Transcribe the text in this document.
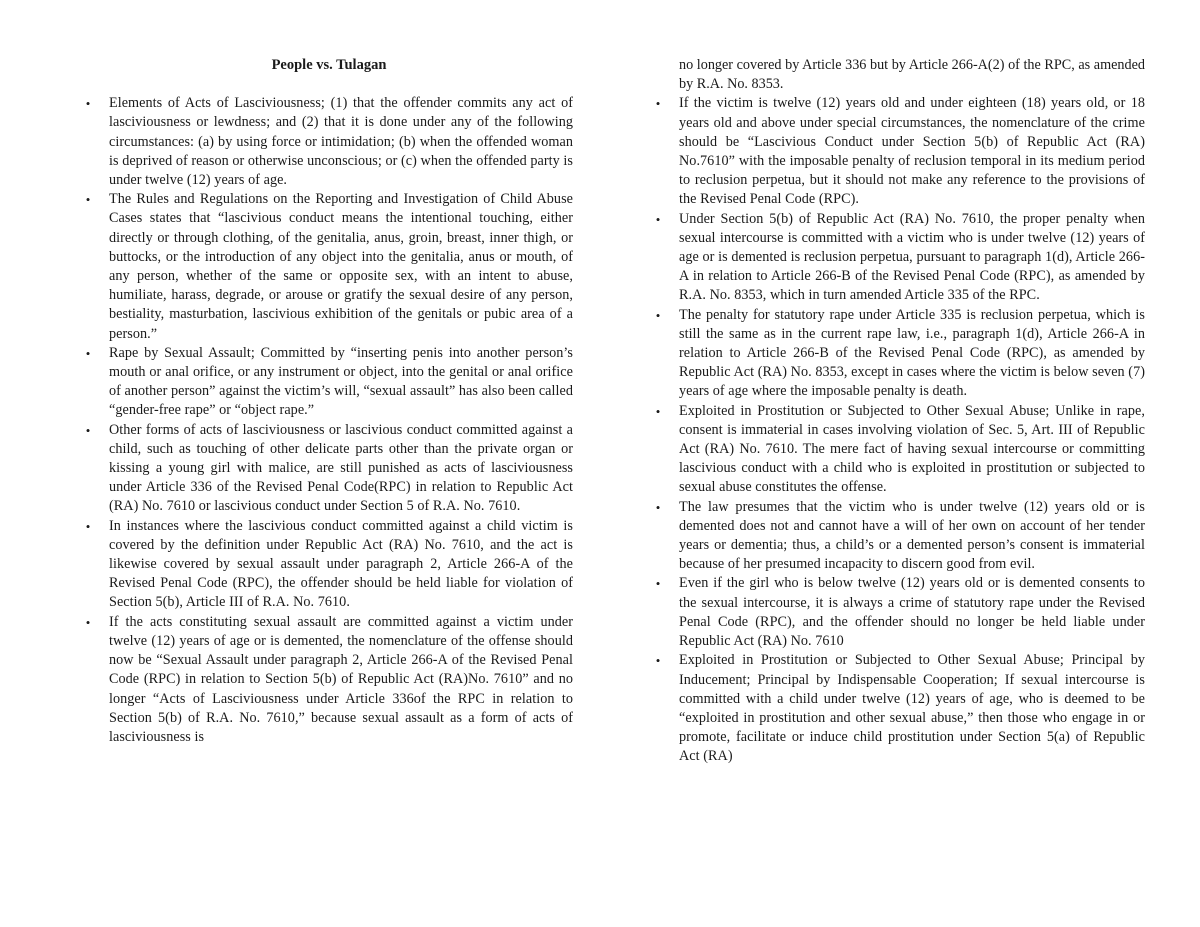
People vs. Tulagan
• Elements of Acts of Lasciviousness; (1) that the offender commits any act of lasciviousness or lewdness; and (2) that it is done under any of the following circumstances: (a) by using force or intimidation; (b) when the offended woman is deprived of reason or otherwise unconscious; or (c) when the offended party is under twelve (12) years of age.
• The Rules and Regulations on the Reporting and Investigation of Child Abuse Cases states that “lascivious conduct means the intentional touching, either directly or through clothing, of the genitalia, anus, groin, breast, inner thigh, or buttocks, or the introduction of any object into the genitalia, anus or mouth, of any person, whether of the same or opposite sex, with an intent to abuse, humiliate, harass, degrade, or arouse or gratify the sexual desire of any person, bestiality, masturbation, lascivious exhibition of the genitals or pubic area of a person.”
• Rape by Sexual Assault; Committed by “inserting penis into another person’s mouth or anal orifice, or any instrument or object, into the genital or anal orifice of another person” against the victim’s will, “sexual assault” has also been called “gender-free rape” or “object rape.”
• Other forms of acts of lasciviousness or lascivious conduct committed against a child, such as touching of other delicate parts other than the private organ or kissing a young girl with malice, are still punished as acts of lasciviousness under Article 336 of the Revised Penal Code(RPC) in relation to Republic Act (RA) No. 7610 or lascivious conduct under Section 5 of R.A. No. 7610.
• In instances where the lascivious conduct committed against a child victim is covered by the definition under Republic Act (RA) No. 7610, and the act is likewise covered by sexual assault under paragraph 2, Article 266-A of the Revised Penal Code (RPC), the offender should be held liable for violation of Section 5(b), Article III of R.A. No. 7610.
• If the acts constituting sexual assault are committed against a victim under twelve (12) years of age or is demented, the nomenclature of the offense should now be “Sexual Assault under paragraph 2, Article 266-A of the Revised Penal Code (RPC) in relation to Section 5(b) of Republic Act (RA)No. 7610” and no longer “Acts of Lasciviousness under Article 336of the RPC in relation to Section 5(b) of R.A. No. 7610,” because sexual assault as a form of acts of lasciviousness is
no longer covered by Article 336 but by Article 266-A(2) of the RPC, as amended by R.A. No. 8353.
• If the victim is twelve (12) years old and under eighteen (18) years old, or 18 years old and above under special circumstances, the nomenclature of the crime should be “Lascivious Conduct under Section 5(b) of Republic Act (RA) No.7610” with the imposable penalty of reclusion temporal in its medium period to reclusion perpetua, but it should not make any reference to the provisions of the Revised Penal Code (RPC).
• Under Section 5(b) of Republic Act (RA) No. 7610, the proper penalty when sexual intercourse is committed with a victim who is under twelve (12) years of age or is demented is reclusion perpetua, pursuant to paragraph 1(d), Article 266-A in relation to Article 266-B of the Revised Penal Code (RPC), as amended by R.A. No. 8353, which in turn amended Article 335 of the RPC.
• The penalty for statutory rape under Article 335 is reclusion perpetua, which is still the same as in the current rape law, i.e., paragraph 1(d), Article 266-A in relation to Article 266-B of the Revised Penal Code (RPC), as amended by Republic Act (RA) No. 8353, except in cases where the victim is below seven (7) years of age where the imposable penalty is death.
• Exploited in Prostitution or Subjected to Other Sexual Abuse; Unlike in rape, consent is immaterial in cases involving violation of Sec. 5, Art. III of Republic Act (RA) No. 7610. The mere fact of having sexual intercourse or committing lascivious conduct with a child who is exploited in prostitution or subjected to sexual abuse constitutes the offense.
• The law presumes that the victim who is under twelve (12) years old or is demented does not and cannot have a will of her own on account of her tender years or dementia; thus, a child’s or a demented person’s consent is immaterial because of her presumed incapacity to discern good from evil.
• Even if the girl who is below twelve (12) years old or is demented consents to the sexual intercourse, it is always a crime of statutory rape under the Revised Penal Code (RPC), and the offender should no longer be held liable under Republic Act (RA) No. 7610
• Exploited in Prostitution or Subjected to Other Sexual Abuse; Principal by Inducement; Principal by Indispensable Cooperation; If sexual intercourse is committed with a child under twelve (12) years of age, who is deemed to be “exploited in prostitution and other sexual abuse,” then those who engage in or promote, facilitate or induce child prostitution under Section 5(a) of Republic Act (RA)
